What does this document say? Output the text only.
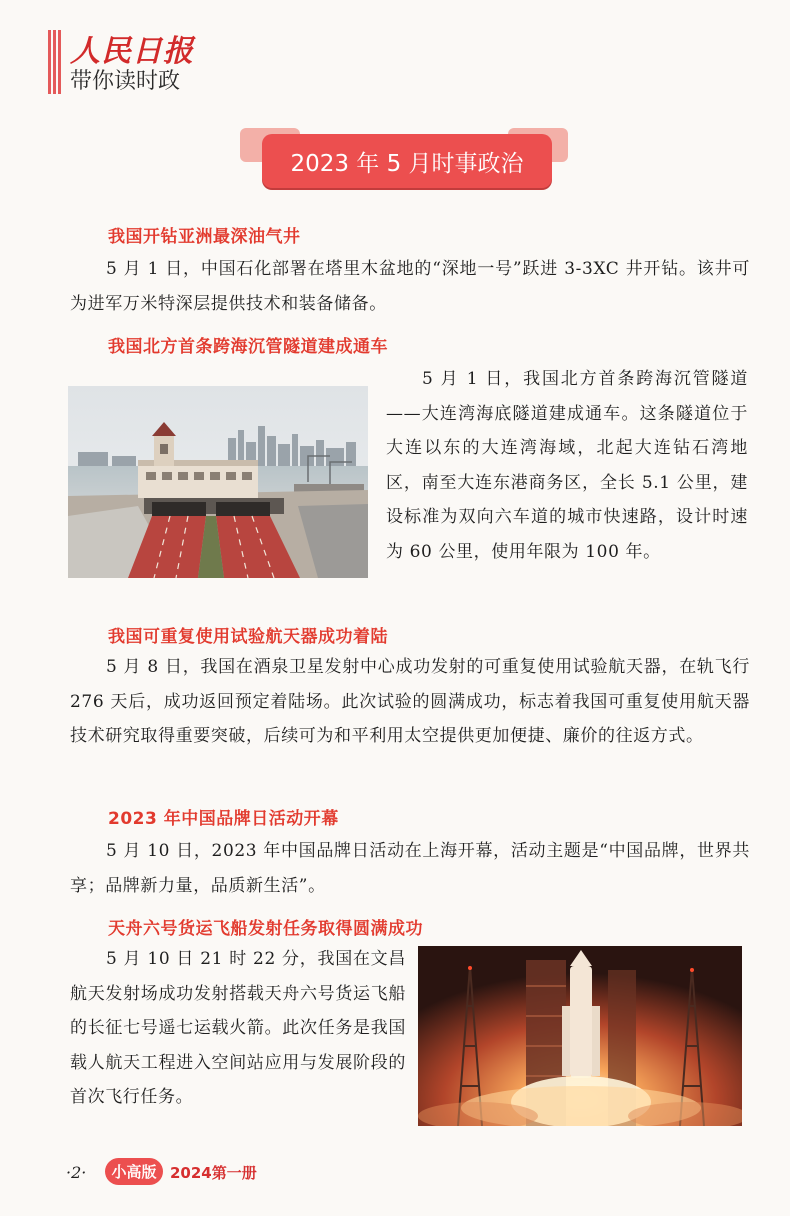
人民日报
带你读时政
2023 年 5 月时事政治
我国开钻亚洲最深油气井
5 月 1 日，中国石化部署在塔里木盆地的“深地一号”跃进 3-3XC 井开钻。该井可为进军万米特深层提供技术和装备储备。
我国北方首条跨海沉管隧道建成通车
5 月 1 日，我国北方首条跨海沉管隧道——大连湾海底隧道建成通车。这条隧道位于大连以东的大连湾海域，北起大连钻石湾地区，南至大连东港商务区，全长 5.1 公里，建设标准为双向六车道的城市快速路，设计时速为 60 公里，使用年限为 100 年。
我国可重复使用试验航天器成功着陆
5 月 8 日，我国在酒泉卫星发射中心成功发射的可重复使用试验航天器，在轨飞行 276 天后，成功返回预定着陆场。此次试验的圆满成功，标志着我国可重复使用航天器技术研究取得重要突破，后续可为和平利用太空提供更加便捷、廉价的往返方式。
2023 年中国品牌日活动开幕
5 月 10 日，2023 年中国品牌日活动在上海开幕，活动主题是“中国品牌，世界共享；品牌新力量，品质新生活”。
天舟六号货运飞船发射任务取得圆满成功
5 月 10 日 21 时 22 分，我国在文昌航天发射场成功发射搭载天舟六号货运飞船的长征七号遥七运载火箭。此次任务是我国载人航天工程进入空间站应用与发展阶段的首次飞行任务。
·2·	小高版 2024第一册
